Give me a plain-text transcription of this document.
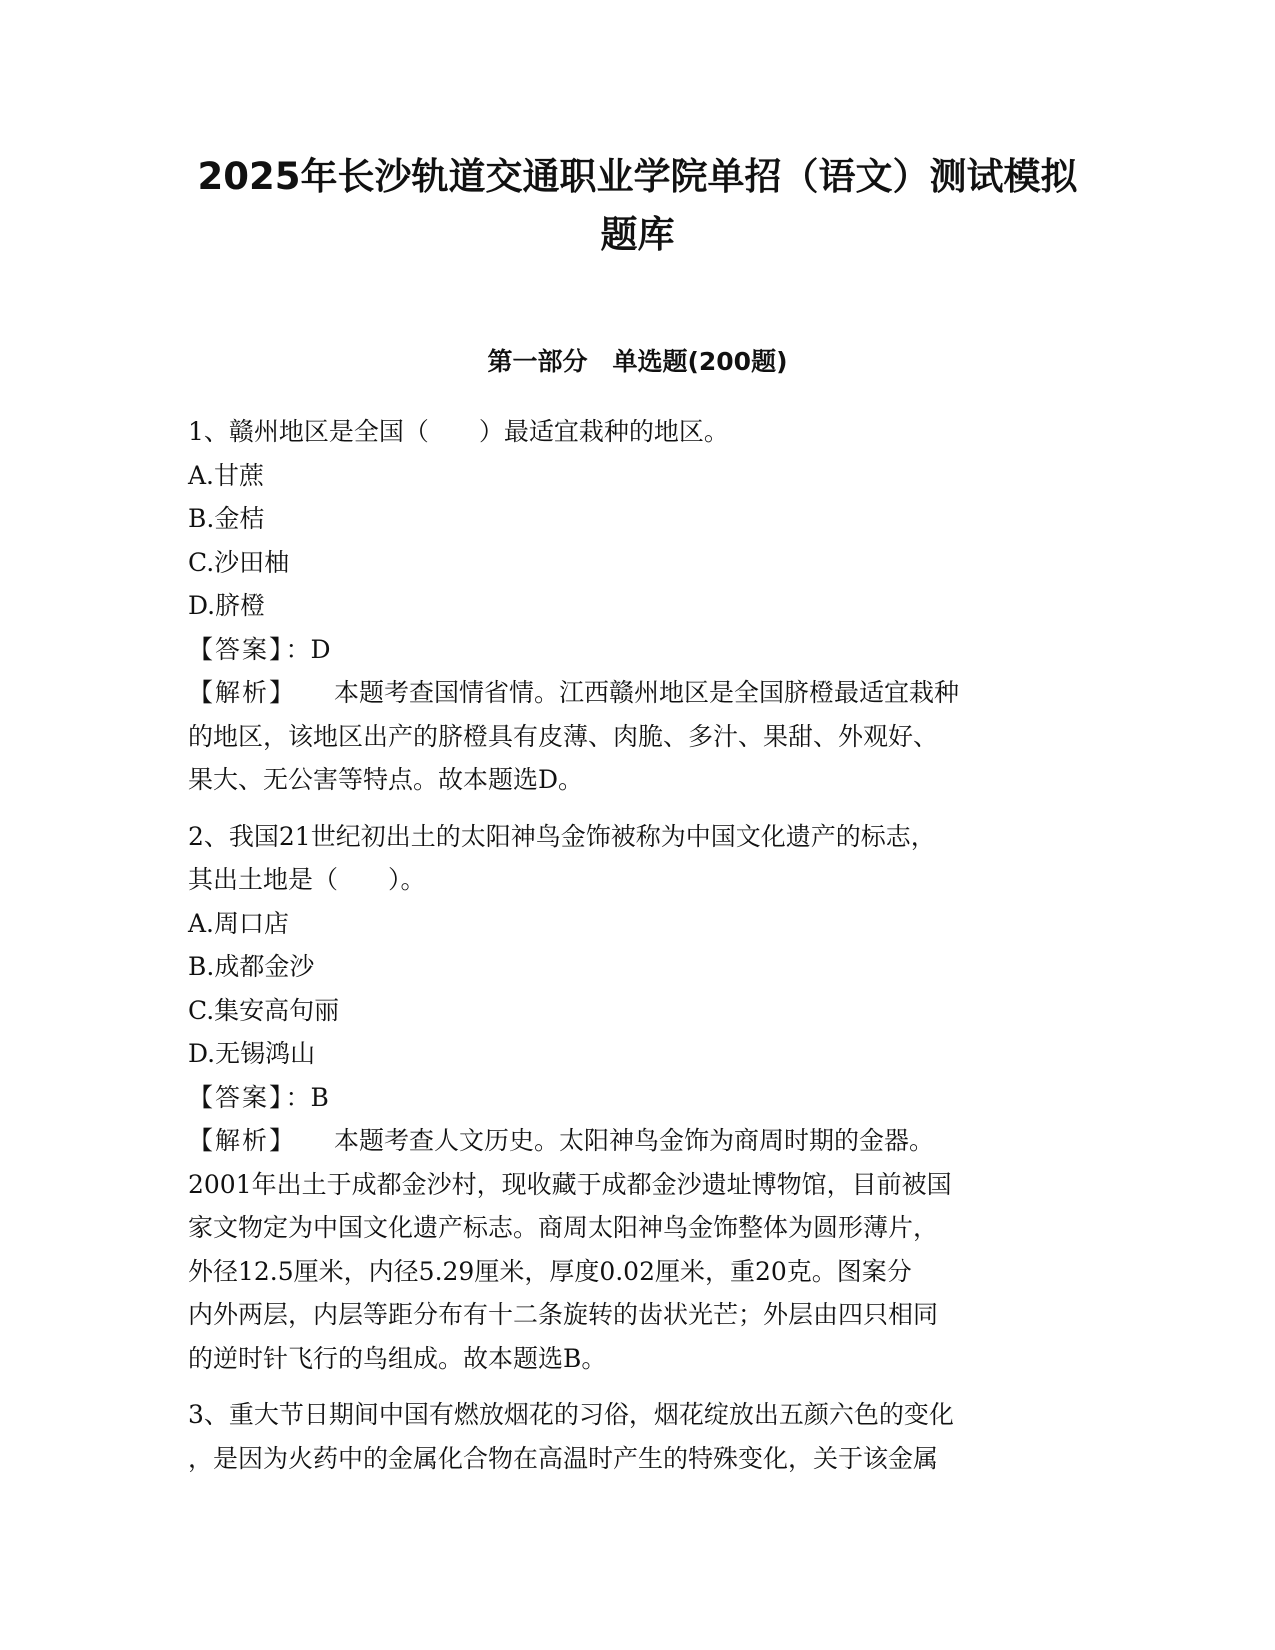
2025年长沙轨道交通职业学院单招（语文）测试模拟
题库
第一部分　单选题(200题)

1、赣州地区是全国（　　）最适宜栽种的地区。

A.甘蔗

B.金桔

C.沙田柚

D.脐橙

【答案】：D

【解析】 本题考查国情省情。江西赣州地区是全国脐橙最适宜栽种

的地区，该地区出产的脐橙具有皮薄、肉脆、多汁、果甜、外观好、

果大、无公害等特点。故本题选D。

2、我国21世纪初出土的太阳神鸟金饰被称为中国文化遗产的标志，

其出土地是（　　）。

A.周口店

B.成都金沙

C.集安高句丽

D.无锡鸿山

【答案】：B

【解析】 本题考查人文历史。太阳神鸟金饰为商周时期的金器。

2001年出土于成都金沙村，现收藏于成都金沙遗址博物馆，目前被国

家文物定为中国文化遗产标志。商周太阳神鸟金饰整体为圆形薄片，

外径12.5厘米，内径5.29厘米，厚度0.02厘米，重20克。图案分

内外两层，内层等距分布有十二条旋转的齿状光芒；外层由四只相同

的逆时针飞行的鸟组成。故本题选B。

3、重大节日期间中国有燃放烟花的习俗，烟花绽放出五颜六色的变化

，是因为火药中的金属化合物在高温时产生的特殊变化，关于该金属
